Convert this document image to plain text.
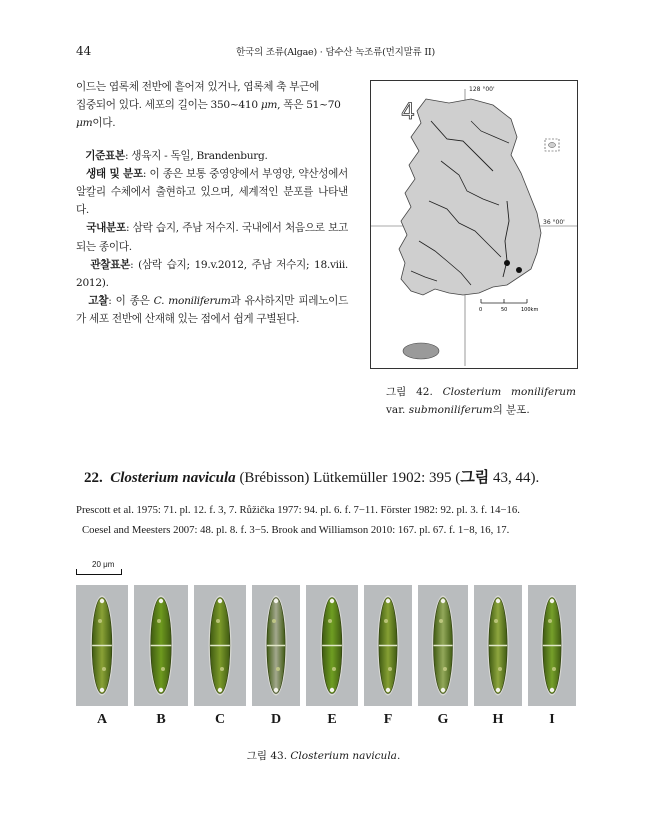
44	한국의 조류(Algae) · 담수산 녹조류(먼지말류 II)

이드는 엽록체 전반에 흩어져 있거나, 엽록체 축 부근에

집중되어 있다. 세포의 길이는 350~410 μm, 폭은 51~70

μm이다.

기준표본: 생육지 - 독일, Brandenburg.

생태 및 분포: 이 종은 보통 중영양에서 부영양, 약산성에서 알칼리 수체에서 출현하고 있으며, 세계적인 분포를 나타낸다.

국내분포: 삼락 습지, 주남 저수지. 국내에서 처음으로 보고되는 종이다.

관찰표본: (삼락 습지; 19.v.2012, 주남 저수지; 18.viii. 2012).

고찰: 이 종은 C. moniliferum과 유사하지만 피레노이드가 세포 전반에 산재해 있는 점에서 쉽게 구별된다.

4
128 °00'
36 °00'
0	50	100km
그림 42. Closterium moniliferum var. submoniliferum의 분포.
22. Closterium navicula (Brébisson) Lütkemüller 1902: 395 (그림 43, 44).
Prescott et al. 1975: 71. pl. 12. f. 3, 7. Růžička 1977: 94. pl. 6. f. 7−11. Förster 1982: 92. pl. 3. f. 14−16.
Coesel and Meesters 2007: 48. pl. 8. f. 3−5. Brook and Williamson 2010: 167. pl. 67. f. 1−8, 16, 17.
20 μm
A	B	C	D	E	F	G	H	I
그림 43. Closterium navicula.
